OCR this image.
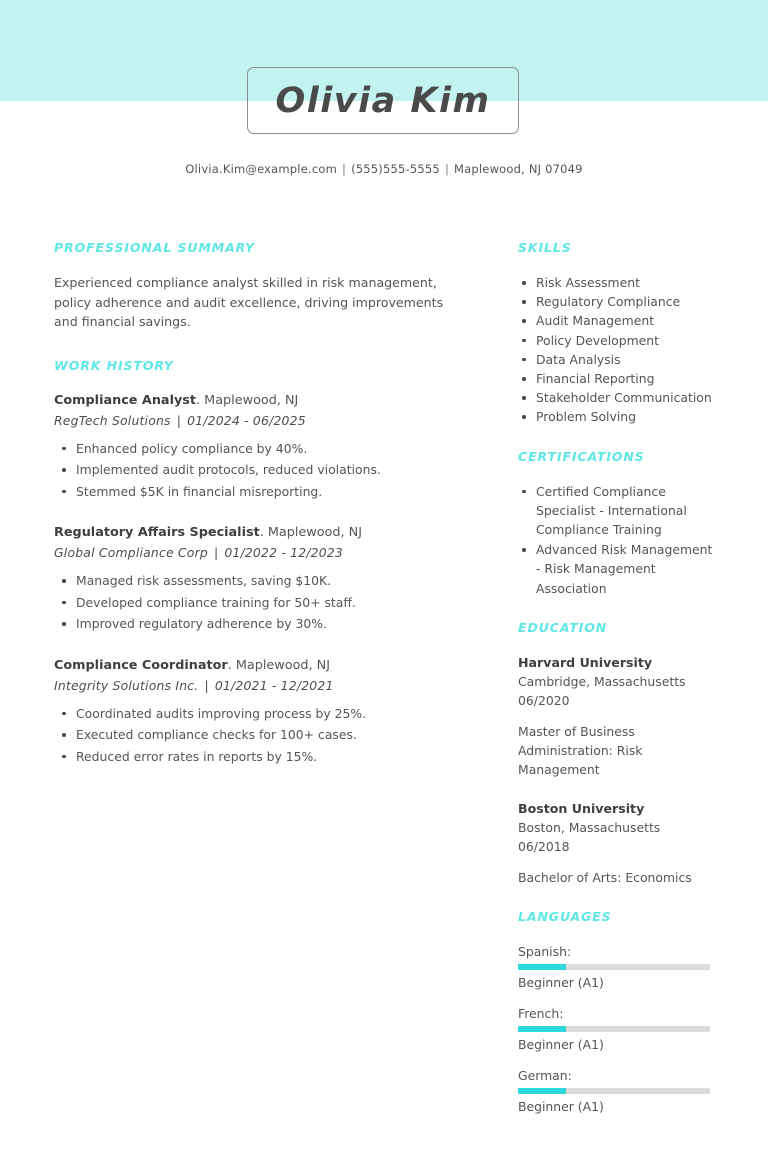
Olivia Kim
Olivia.Kim@example.com | (555)555-5555 | Maplewood, NJ 07049
PROFESSIONAL SUMMARY

Experienced compliance analyst skilled in risk management, policy adherence and audit excellence, driving improvements and financial savings.

WORK HISTORY
Compliance Analyst. Maplewood, NJ
RegTech Solutions | 01/2024 - 06/2025
Enhanced policy compliance by 40%.
Implemented audit protocols, reduced violations.
Stemmed $5K in financial misreporting.
Regulatory Affairs Specialist. Maplewood, NJ
Global Compliance Corp | 01/2022 - 12/2023
Managed risk assessments, saving $10K.
Developed compliance training for 50+ staff.
Improved regulatory adherence by 30%.
Compliance Coordinator. Maplewood, NJ
Integrity Solutions Inc. | 01/2021 - 12/2021
Coordinated audits improving process by 25%.
Executed compliance checks for 100+ cases.
Reduced error rates in reports by 15%.
SKILLS
Risk Assessment
Regulatory Compliance
Audit Management
Policy Development
Data Analysis
Financial Reporting
Stakeholder Communication
Problem Solving
CERTIFICATIONS
Certified Compliance Specialist - International Compliance Training
Advanced Risk Management - Risk Management Association
EDUCATION
Harvard University
Cambridge, Massachusetts
06/2020
Master of Business Administration: Risk Management
Boston University
Boston, Massachusetts
06/2018
Bachelor of Arts: Economics
LANGUAGES
Spanish:
Beginner (A1)
French:
Beginner (A1)
German:
Beginner (A1)
